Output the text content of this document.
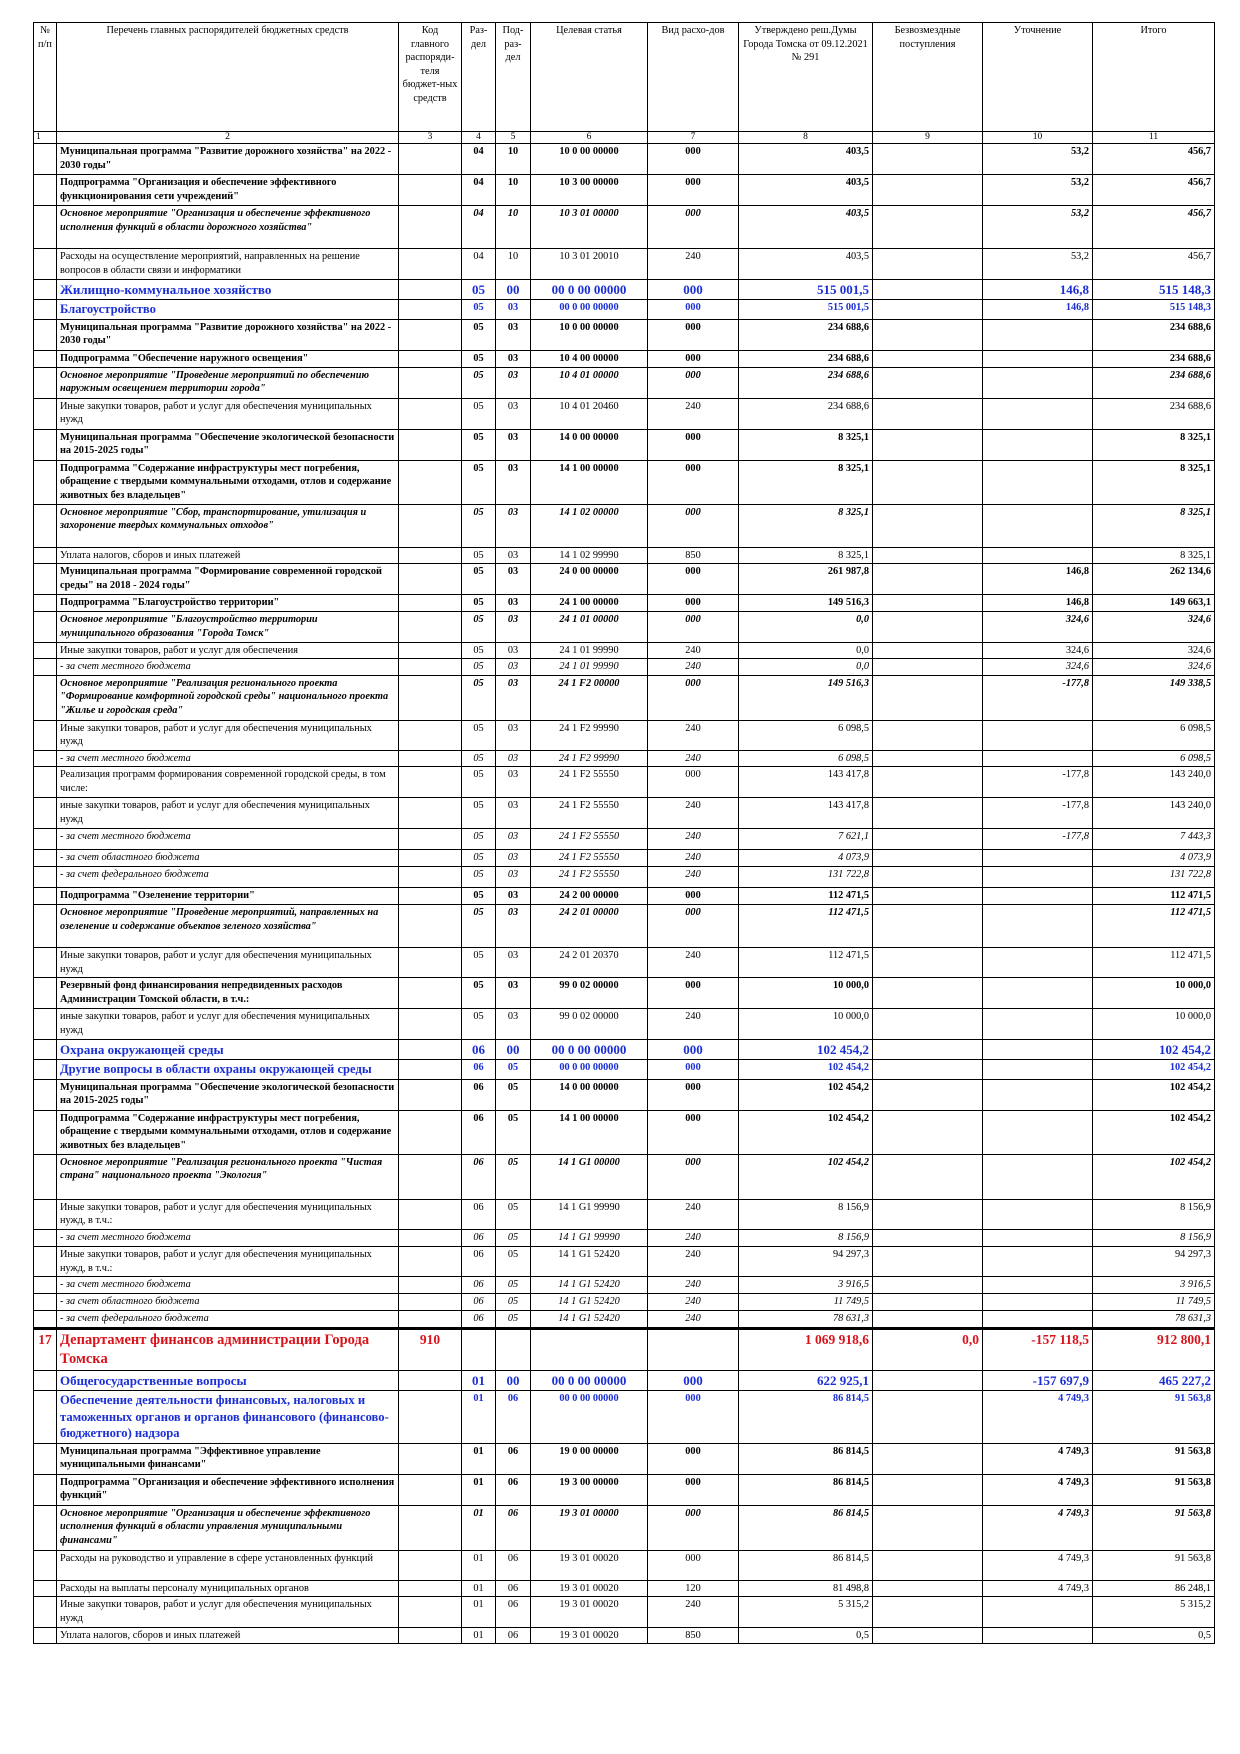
№ п/п	Перечень главных распорядителей бюджетных средств	Код главного распоряди-теля бюджет-ных средств	Раз-дел	Под-раз-дел	Целевая статья	Вид расхо-дов	Утверждено реш.Думы Города Томска от 09.12.2021 № 291	Безвозмездные поступления	Уточнение	Итого
1	2	3	4	5	6	7	8	9	10	11
	Муниципальная программа "Развитие дорожного хозяйства" на 2022 - 2030 годы"		04	10	10 0 00 00000	000	403,5		53,2	456,7
	Подпрограмма "Организация и обеспечение эффективного функционирования сети учреждений"		04	10	10 3 00 00000	000	403,5		53,2	456,7
	Основное мероприятие "Организация и обеспечение эффективного исполнения функций в области дорожного хозяйства"		04	10	10 3 01 00000	000	403,5		53,2	456,7
	Расходы на осуществление мероприятий, направленных на решение вопросов в области связи и информатики		04	10	10 3 01 20010	240	403,5		53,2	456,7
	Жилищно-коммунальное хозяйство		05	00	00 0 00 00000	000	515 001,5		146,8	515 148,3
	Благоустройство		05	03	00 0 00 00000	000	515 001,5		146,8	515 148,3
	Муниципальная программа "Развитие дорожного хозяйства" на 2022 - 2030 годы"		05	03	10 0 00 00000	000	234 688,6			234 688,6
	Подпрограмма "Обеспечение наружного освещения"		05	03	10 4 00 00000	000	234 688,6			234 688,6
	Основное мероприятие "Проведение мероприятий по обеспечению наружным освещением территории города"		05	03	10 4 01 00000	000	234 688,6			234 688,6
	Иные закупки товаров, работ и услуг для обеспечения муниципальных нужд		05	03	10 4 01 20460	240	234 688,6			234 688,6
	Муниципальная программа "Обеспечение экологической безопасности на 2015-2025 годы"		05	03	14 0 00 00000	000	8 325,1			8 325,1
	Подпрограмма "Содержание инфраструктуры мест погребения, обращение с твердыми коммунальными отходами, отлов и содержание животных без владельцев"		05	03	14 1 00 00000	000	8 325,1			8 325,1
	Основное мероприятие "Сбор, транспортирование, утилизация и захоронение твердых коммунальных отходов"		05	03	14 1 02 00000	000	8 325,1			8 325,1
	Уплата налогов, сборов и иных платежей		05	03	14 1 02 99990	850	8 325,1			8 325,1
	Муниципальная программа "Формирование современной городской среды" на 2018 - 2024 годы"		05	03	24 0 00 00000	000	261 987,8		146,8	262 134,6
	Подпрограмма "Благоустройство территории"		05	03	24 1 00 00000	000	149 516,3		146,8	149 663,1
	Основное мероприятие "Благоустройство территории муниципального образования "Города Томск"		05	03	24 1 01 00000	000	0,0		324,6	324,6
	Иные закупки товаров, работ и услуг для обеспечения		05	03	24 1 01 99990	240	0,0		324,6	324,6
	- за счет местного бюджета		05	03	24 1 01 99990	240	0,0		324,6	324,6
	Основное мероприятие "Реализация регионального проекта "Формирование комфортной городской среды" национального проекта "Жилье и городская среда"		05	03	24 1 F2 00000	000	149 516,3		-177,8	149 338,5
	Иные закупки товаров, работ и услуг для обеспечения муниципальных нужд		05	03	24 1 F2 99990	240	6 098,5			6 098,5
	- за счет местного бюджета		05	03	24 1 F2 99990	240	6 098,5			6 098,5
	Реализация программ формирования современной городской среды, в том числе:		05	03	24 1 F2 55550	000	143 417,8		-177,8	143 240,0
	иные закупки товаров, работ и услуг для обеспечения муниципальных нужд		05	03	24 1 F2 55550	240	143 417,8		-177,8	143 240,0
	- за счет местного бюджета		05	03	24 1 F2 55550	240	7 621,1		-177,8	7 443,3
	- за счет областного бюджета		05	03	24 1 F2 55550	240	4 073,9			4 073,9
	- за счет федерального бюджета		05	03	24 1 F2 55550	240	131 722,8			131 722,8
	Подпрограмма "Озеленение территории"		05	03	24 2 00 00000	000	112 471,5			112 471,5
	Основное мероприятие "Проведение мероприятий, направленных на озеленение и содержание объектов зеленого хозяйства"		05	03	24 2 01 00000	000	112 471,5			112 471,5
	Иные закупки товаров, работ и услуг для обеспечения муниципальных нужд		05	03	24 2 01 20370	240	112 471,5			112 471,5
	Резервный фонд финансирования непредвиденных расходов Администрации Томской области, в т.ч.:		05	03	99 0 02 00000	000	10 000,0			10 000,0
	иные закупки товаров, работ и услуг для обеспечения муниципальных нужд		05	03	99 0 02 00000	240	10 000,0			10 000,0
	Охрана окружающей среды		06	00	00 0 00 00000	000	102 454,2			102 454,2
	Другие вопросы в области охраны окружающей среды		06	05	00 0 00 00000	000	102 454,2			102 454,2
	Муниципальная программа "Обеспечение экологической безопасности на 2015-2025 годы"		06	05	14 0 00 00000	000	102 454,2			102 454,2
	Подпрограмма "Содержание инфраструктуры мест погребения, обращение с твердыми коммунальными отходами, отлов и содержание животных без владельцев"		06	05	14 1 00 00000	000	102 454,2			102 454,2
	Основное мероприятие "Реализация регионального проекта "Чистая страна" национального проекта "Экология"		06	05	14 1 G1 00000	000	102 454,2			102 454,2
	Иные закупки товаров, работ и услуг для обеспечения муниципальных нужд, в т.ч.:		06	05	14 1 G1 99990	240	8 156,9			8 156,9
	- за счет местного бюджета		06	05	14 1 G1 99990	240	8 156,9			8 156,9
	Иные закупки товаров, работ и услуг для обеспечения муниципальных нужд, в т.ч.:		06	05	14 1 G1 52420	240	94 297,3			94 297,3
	- за счет местного бюджета		06	05	14 1 G1 52420	240	3 916,5			3 916,5
	- за счет областного бюджета		06	05	14 1 G1 52420	240	11 749,5			11 749,5
	- за счет федерального бюджета		06	05	14 1 G1 52420	240	78 631,3			78 631,3
17	Департамент финансов администрации Города Томска	910					1 069 918,6	0,0	-157 118,5	912 800,1
	Общегосударственные вопросы		01	00	00 0 00 00000	000	622 925,1		-157 697,9	465 227,2
	Обеспечение деятельности финансовых, налоговых и таможенных органов и органов финансового (финансово-бюджетного) надзора		01	06	00 0 00 00000	000	86 814,5		4 749,3	91 563,8
	Муниципальная программа "Эффективное управление муниципальными финансами"		01	06	19 0 00 00000	000	86 814,5		4 749,3	91 563,8
	Подпрограмма "Организация и обеспечение эффективного исполнения функций"		01	06	19 3 00 00000	000	86 814,5		4 749,3	91 563,8
	Основное мероприятие "Организация и обеспечение эффективного исполнения функций в области управления муниципальными финансами"		01	06	19 3 01 00000	000	86 814,5		4 749,3	91 563,8
	Расходы на руководство и управление в сфере установленных функций		01	06	19 3 01 00020	000	86 814,5		4 749,3	91 563,8
	Расходы на выплаты персоналу муниципальных органов		01	06	19 3 01 00020	120	81 498,8		4 749,3	86 248,1
	Иные закупки товаров, работ и услуг для обеспечения муниципальных нужд		01	06	19 3 01 00020	240	5 315,2			5 315,2
	Уплата налогов, сборов и иных платежей		01	06	19 3 01 00020	850	0,5			0,5
